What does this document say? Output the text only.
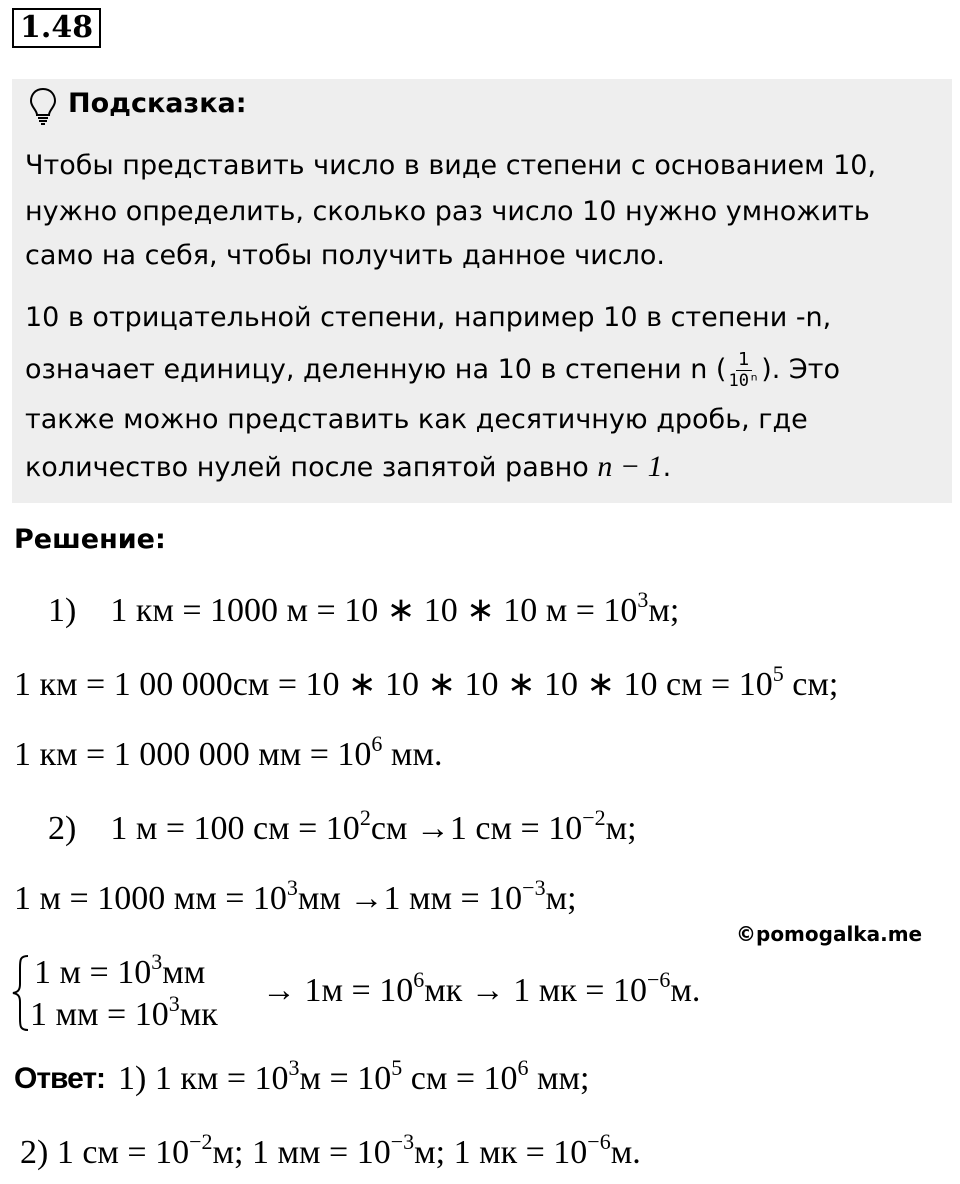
1.48
Подсказка:
Чтобы представить число в виде степени с основанием 10,
нужно определить, сколько раз число 10 нужно умножить
само на себя, чтобы получить данное число.
10 в отрицательной степени, например 10 в степени -n,
означает единицу, деленную на 10 в степени n ( $\frac{1}{\text{10ⁿ}}$ ). Это
также можно представить как десятичную дробь, где
количество нулей после запятой равно n − 1.
Решение:
1) 1 км = 1000 м = 10 ∗ 10 ∗ 10 $м = 10^3м$;
1 км = 1 00 000см = 10 ∗ 10 ∗ 10 ∗ 10 ∗ 10 см = $10^5$ см;
1 км = 1 000 000 мм = $10^6$ мм.
2) 1 м = 100 см = $10^2см \to 1$ см = $10^{-2}м$;
1 м = 1000 мм = $10^3мм \to 1$ мм = $10^{-3}м$;
©pomogalka.me
1 $м = 10^3мм$
1 мм = $10^3мк$
→ $1м = 10^6мк \to 1$ мк = $10^{-6}м$.
Ответ: 1) 1 км = $10^3м = 10^5$ см = $10^6$ мм;
2) 1 см = $10^{-2}м$; 1 мм = $10^{-3}м$; 1 мк = $10^{-6}м$.
